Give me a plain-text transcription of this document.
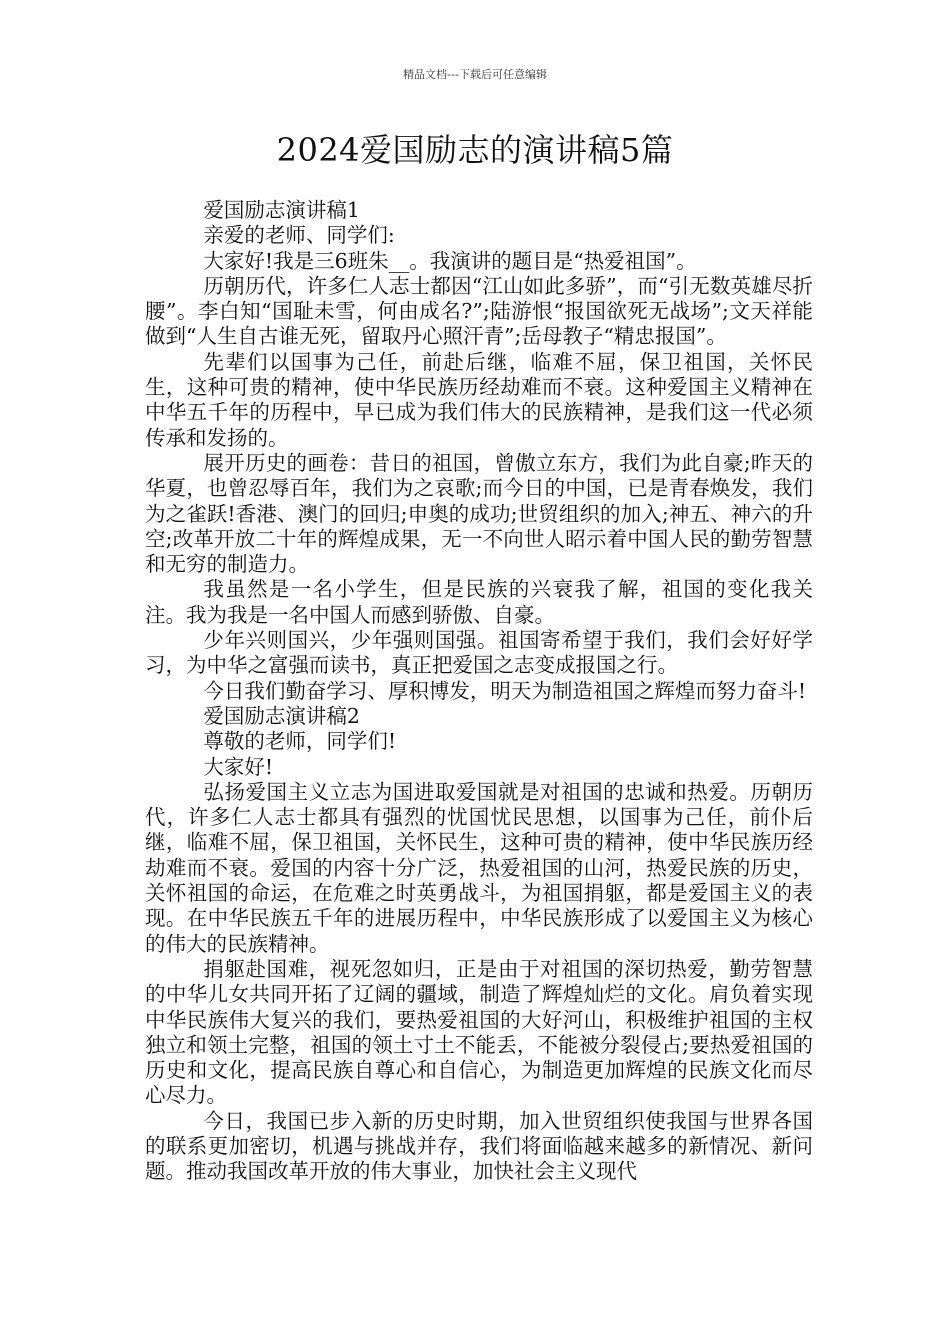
精品文档---下载后可任意编辑
2024爱国励志的演讲稿5篇

爱国励志演讲稿1

亲爱的老师、同学们:

大家好!我是三6班朱__。我演讲的题目是“热爱祖国”。

历朝历代，许多仁人志士都因“江山如此多骄”，而“引无数英雄尽折腰”。李白知“国耻未雪，何由成名?”;陆游恨“报国欲死无战场”;文天祥能做到“人生自古谁无死，留取丹心照汗青”;岳母教子“精忠报国”。

先辈们以国事为己任，前赴后继，临难不屈，保卫祖国，关怀民生，这种可贵的精神，使中华民族历经劫难而不衰。这种爱国主义精神在中华五千年的历程中，早已成为我们伟大的民族精神，是我们这一代必须传承和发扬的。

展开历史的画卷：昔日的祖国，曾傲立东方，我们为此自豪;昨天的华夏，也曾忍辱百年，我们为之哀歌;而今日的中国，已是青春焕发，我们为之雀跃!香港、澳门的回归;申奥的成功;世贸组织的加入;神五、神六的升空;改革开放二十年的辉煌成果，无一不向世人昭示着中国人民的勤劳智慧和无穷的制造力。

我虽然是一名小学生，但是民族的兴衰我了解，祖国的变化我关注。我为我是一名中国人而感到骄傲、自豪。

少年兴则国兴，少年强则国强。祖国寄希望于我们，我们会好好学习，为中华之富强而读书，真正把爱国之志变成报国之行。

今日我们勤奋学习、厚积博发，明天为制造祖国之辉煌而努力奋斗!

爱国励志演讲稿2

尊敬的老师，同学们!

大家好!

弘扬爱国主义立志为国进取爱国就是对祖国的忠诚和热爱。历朝历代，许多仁人志士都具有强烈的忧国忧民思想，以国事为己任，前仆后继，临难不屈，保卫祖国，关怀民生，这种可贵的精神，使中华民族历经劫难而不衰。爱国的内容十分广泛，热爱祖国的山河，热爱民族的历史，关怀祖国的命运，在危难之时英勇战斗，为祖国捐躯，都是爱国主义的表现。在中华民族五千年的进展历程中，中华民族形成了以爱国主义为核心的伟大的民族精神。

捐躯赴国难，视死忽如归，正是由于对祖国的深切热爱，勤劳智慧的中华儿女共同开拓了辽阔的疆域，制造了辉煌灿烂的文化。肩负着实现中华民族伟大复兴的我们，要热爱祖国的大好河山，积极维护祖国的主权独立和领土完整，祖国的领土寸土不能丢，不能被分裂侵占;要热爱祖国的历史和文化，提高民族自尊心和自信心，为制造更加辉煌的民族文化而尽心尽力。

今日，我国已步入新的历史时期，加入世贸组织使我国与世界各国的联系更加密切，机遇与挑战并存，我们将面临越来越多的新情况、新问题。推动我国改革开放的伟大事业，加快社会主义现代
